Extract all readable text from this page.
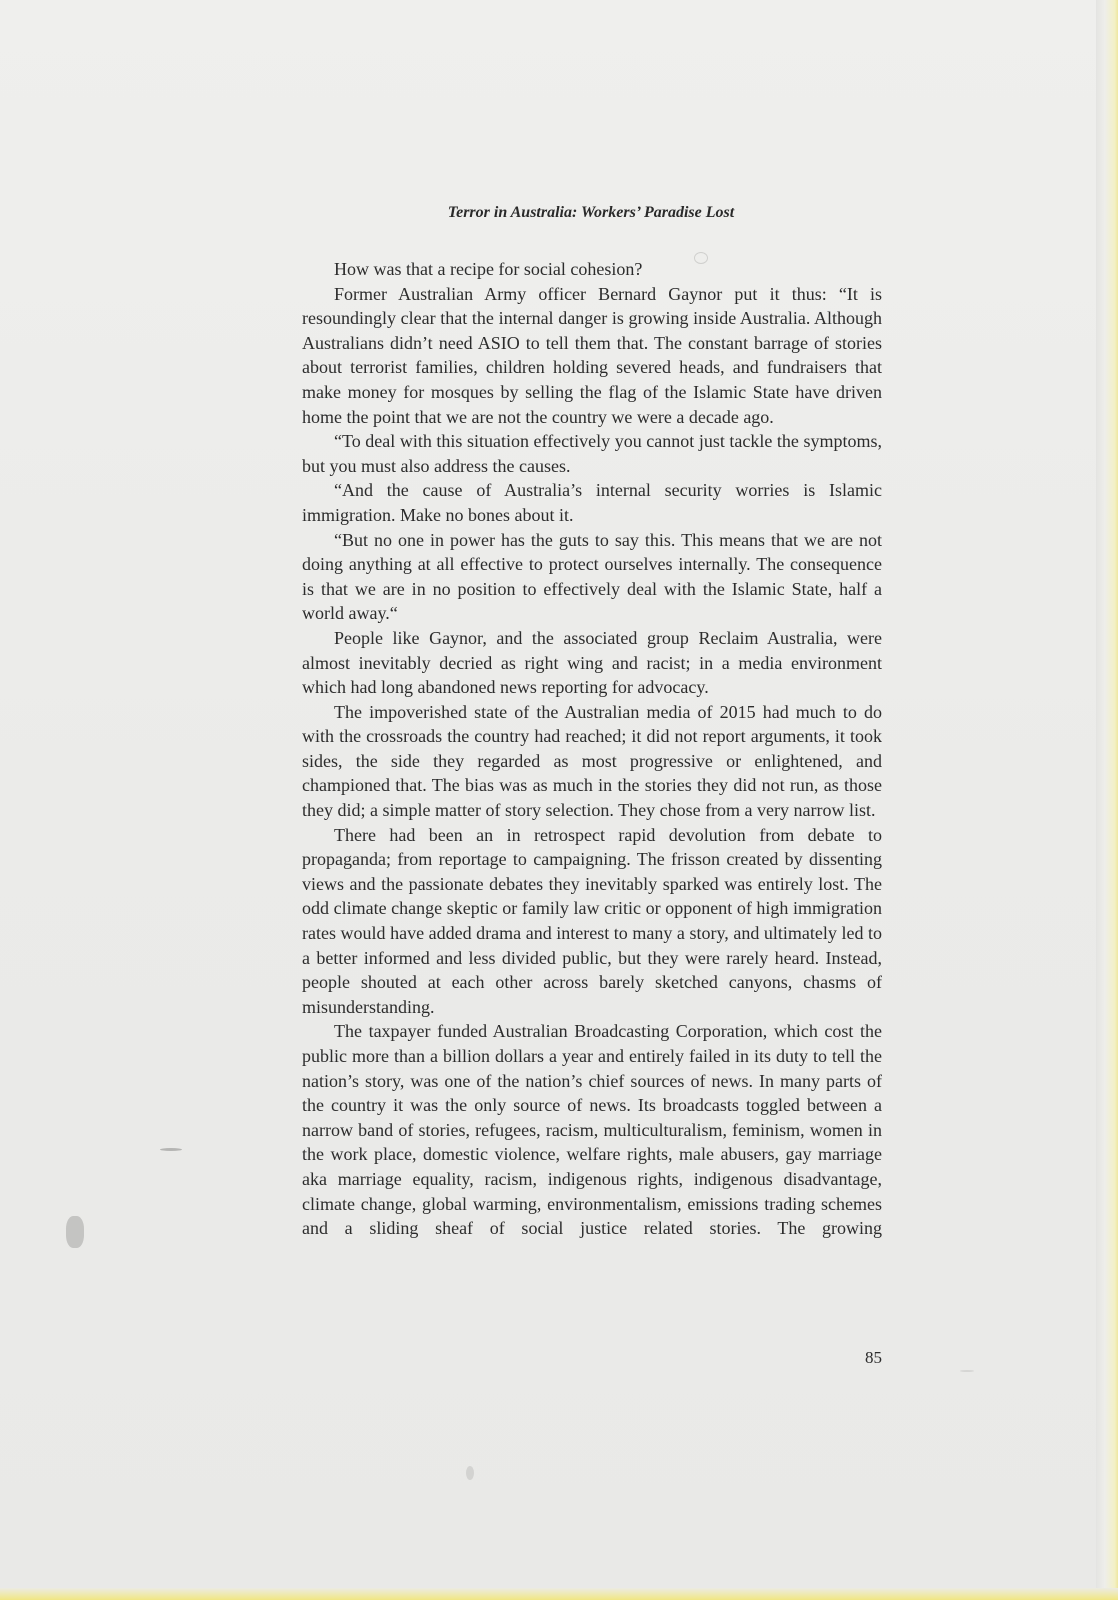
Terror in Australia: Workers’ Paradise Lost

How was that a recipe for social cohesion?

Former Australian Army officer Bernard Gaynor put it thus: “It is resoundingly clear that the internal danger is growing inside Australia. Although Australians didn’t need ASIO to tell them that. The constant barrage of stories about terrorist families, children holding severed heads, and fundraisers that make money for mosques by selling the flag of the Islamic State have driven home the point that we are not the country we were a decade ago.

“To deal with this situation effectively you cannot just tackle the symptoms, but you must also address the causes.

“And the cause of Australia’s internal security worries is Islamic immigration. Make no bones about it.

“But no one in power has the guts to say this. This means that we are not doing anything at all effective to protect ourselves internally. The consequence is that we are in no position to effectively deal with the Islamic State, half a world away.“

People like Gaynor, and the associated group Reclaim Australia, were almost inevitably decried as right wing and racist; in a media environment which had long abandoned news reporting for advocacy.

The impoverished state of the Australian media of 2015 had much to do with the crossroads the country had reached; it did not report arguments, it took sides, the side they regarded as most progressive or enlightened, and championed that. The bias was as much in the stories they did not run, as those they did; a simple matter of story selection. They chose from a very narrow list.

There had been an in retrospect rapid devolution from debate to propaganda; from reportage to campaigning. The frisson created by dissenting views and the passionate debates they inevitably sparked was entirely lost. The odd climate change skeptic or family law critic or opponent of high immigration rates would have added drama and interest to many a story, and ultimately led to a better informed and less divided public, but they were rarely heard. Instead, people shouted at each other across barely sketched canyons, chasms of misunderstanding.

The taxpayer funded Australian Broadcasting Corporation, which cost the public more than a billion dollars a year and entirely failed in its duty to tell the nation’s story, was one of the nation’s chief sources of news. In many parts of the country it was the only source of news. Its broadcasts toggled between a narrow band of stories, refugees, racism, multiculturalism, feminism, women in the work place, domestic violence, welfare rights, male abusers, gay marriage aka marriage equality, racism, indigenous rights, indigenous disadvantage, climate change, global warming, environmentalism, emissions trading schemes and a sliding sheaf of social justice related stories. The growing

85
